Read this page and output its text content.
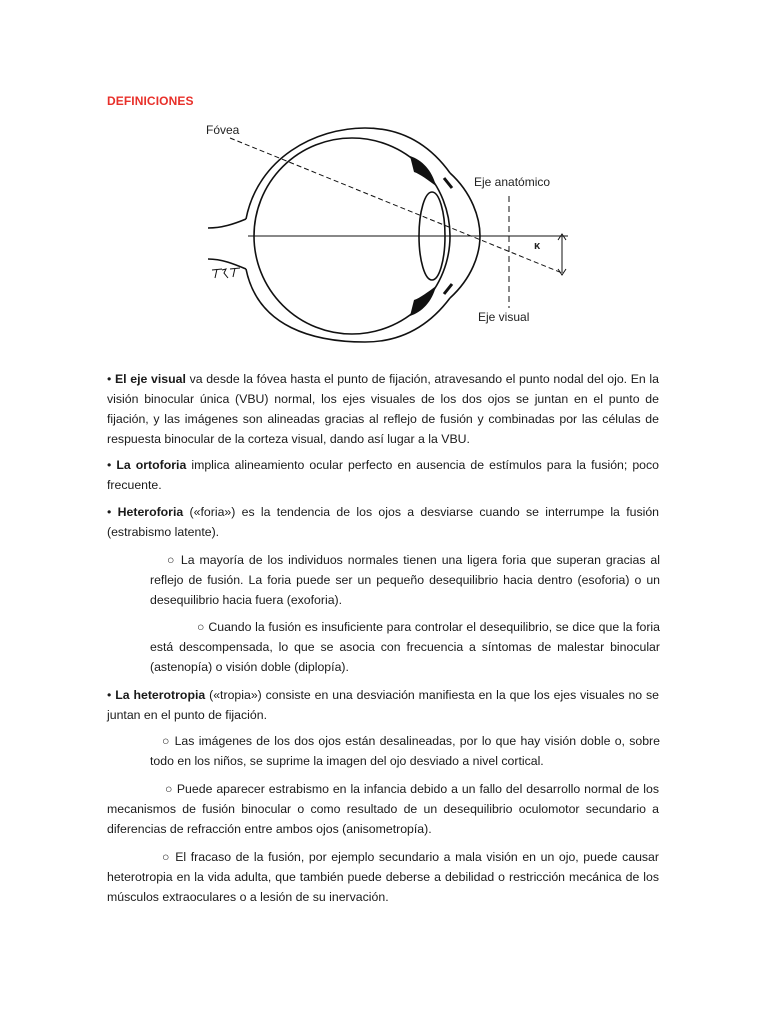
DEFINICIONES
Fóvea
Eje anatómico
Eje visual
κ
• El eje visual va desde la fóvea hasta el punto de fijación, atravesando el punto nodal del ojo. En la visión binocular única (VBU) normal, los ejes visuales de los dos ojos se juntan en el punto de fijación, y las imágenes son alineadas gracias al reflejo de fusión y combinadas por las células de respuesta binocular de la corteza visual, dando así lugar a la VBU.
• La ortoforia implica alineamiento ocular perfecto en ausencia de estímulos para la fusión; poco frecuente.
• Heteroforia («foria») es la tendencia de los ojos a desviarse cuando se interrumpe la fusión (estrabismo latente).
○ La mayoría de los individuos normales tienen una ligera foria que superan gracias al reflejo de fusión. La foria puede ser un pequeño desequilibrio hacia dentro (esoforia) o un desequilibrio hacia fuera (exoforia).
○ Cuando la fusión es insuficiente para controlar el desequilibrio, se dice que la foria está descompensada, lo que se asocia con frecuencia a síntomas de malestar binocular (astenopía) o visión doble (diplopía).
• La heterotropia («tropia») consiste en una desviación manifiesta en la que los ejes visuales no se juntan en el punto de fijación.
○ Las imágenes de los dos ojos están desalineadas, por lo que hay visión doble o, sobre todo en los niños, se suprime la imagen del ojo desviado a nivel cortical.
○ Puede aparecer estrabismo en la infancia debido a un fallo del desarrollo normal de los mecanismos de fusión binocular o como resultado de un desequilibrio oculomotor secundario a diferencias de refracción entre ambos ojos (anisometropía).
○ El fracaso de la fusión, por ejemplo secundario a mala visión en un ojo, puede causar heterotropia en la vida adulta, que también puede deberse a debilidad o restricción mecánica de los músculos extraoculares o a lesión de su inervación.
